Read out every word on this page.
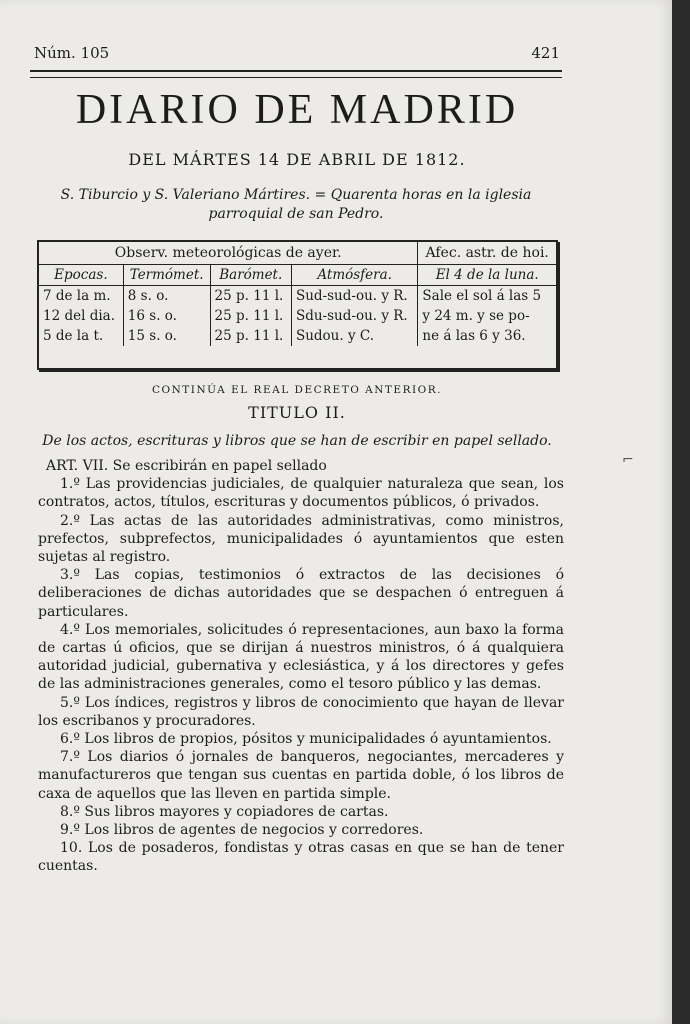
Núm. 105	421
DIARIO DE MADRID
DEL MÁRTES 14 DE ABRIL DE 1812.
S. Tiburcio y S. Valeriano Mártires. = Quarenta horas en la iglesia parroquial de san Pedro.
Observ. meteorológicas de ayer.				Afec. astr. de hoi.
Epocas.	Termómet.	Barómet.	Atmósfera.	El 4 de la luna.
7 de la m.	8 s. o.	25 p. 11 l.	Sud-sud-ou. y R.	Sale el sol á las 5
12 del dia.	16 s. o.	25 p. 11 l.	Sdu-sud-ou. y R.	y 24 m. y se po-
5 de la t.	15 s. o.	25 p. 11 l.	Sudou. y C.	ne á las 6 y 36.
CONTINÚA EL REAL DECRETO ANTERIOR.
TITULO II.
De los actos, escrituras y libros que se han de escribir en papel sellado.

ART. VII. Se escribirán en papel sellado

1.º Las providencias judiciales, de qualquier naturaleza que sean, los contratos, actos, títulos, escrituras y documentos públicos, ó privados.

2.º Las actas de las autoridades administrativas, como ministros, prefectos, subprefectos, municipalidades ó ayuntamientos que esten sujetas al registro.

3.º Las copias, testimonios ó extractos de las decisiones ó deliberaciones de dichas autoridades que se despachen ó entreguen á particulares.

4.º Los memoriales, solicitudes ó representaciones, aun baxo la forma de cartas ú oficios, que se dirijan á nuestros ministros, ó á qualquiera autoridad judicial, gubernativa y eclesiástica, y á los directores y gefes de las administraciones generales, como el tesoro público y las demas.

5.º Los índices, registros y libros de conocimiento que hayan de llevar los escribanos y procuradores.

6.º Los libros de propios, pósitos y municipalidades ó ayuntamientos.

7.º Los diarios ó jornales de banqueros, negociantes, mercaderes y manufactureros que tengan sus cuentas en partida doble, ó los libros de caxa de aquellos que las lleven en partida simple.

8.º Sus libros mayores y copiadores de cartas.

9.º Los libros de agentes de negocios y corredores.

10. Los de posaderos, fondistas y otras casas en que se han de tener cuentas.

⌐
